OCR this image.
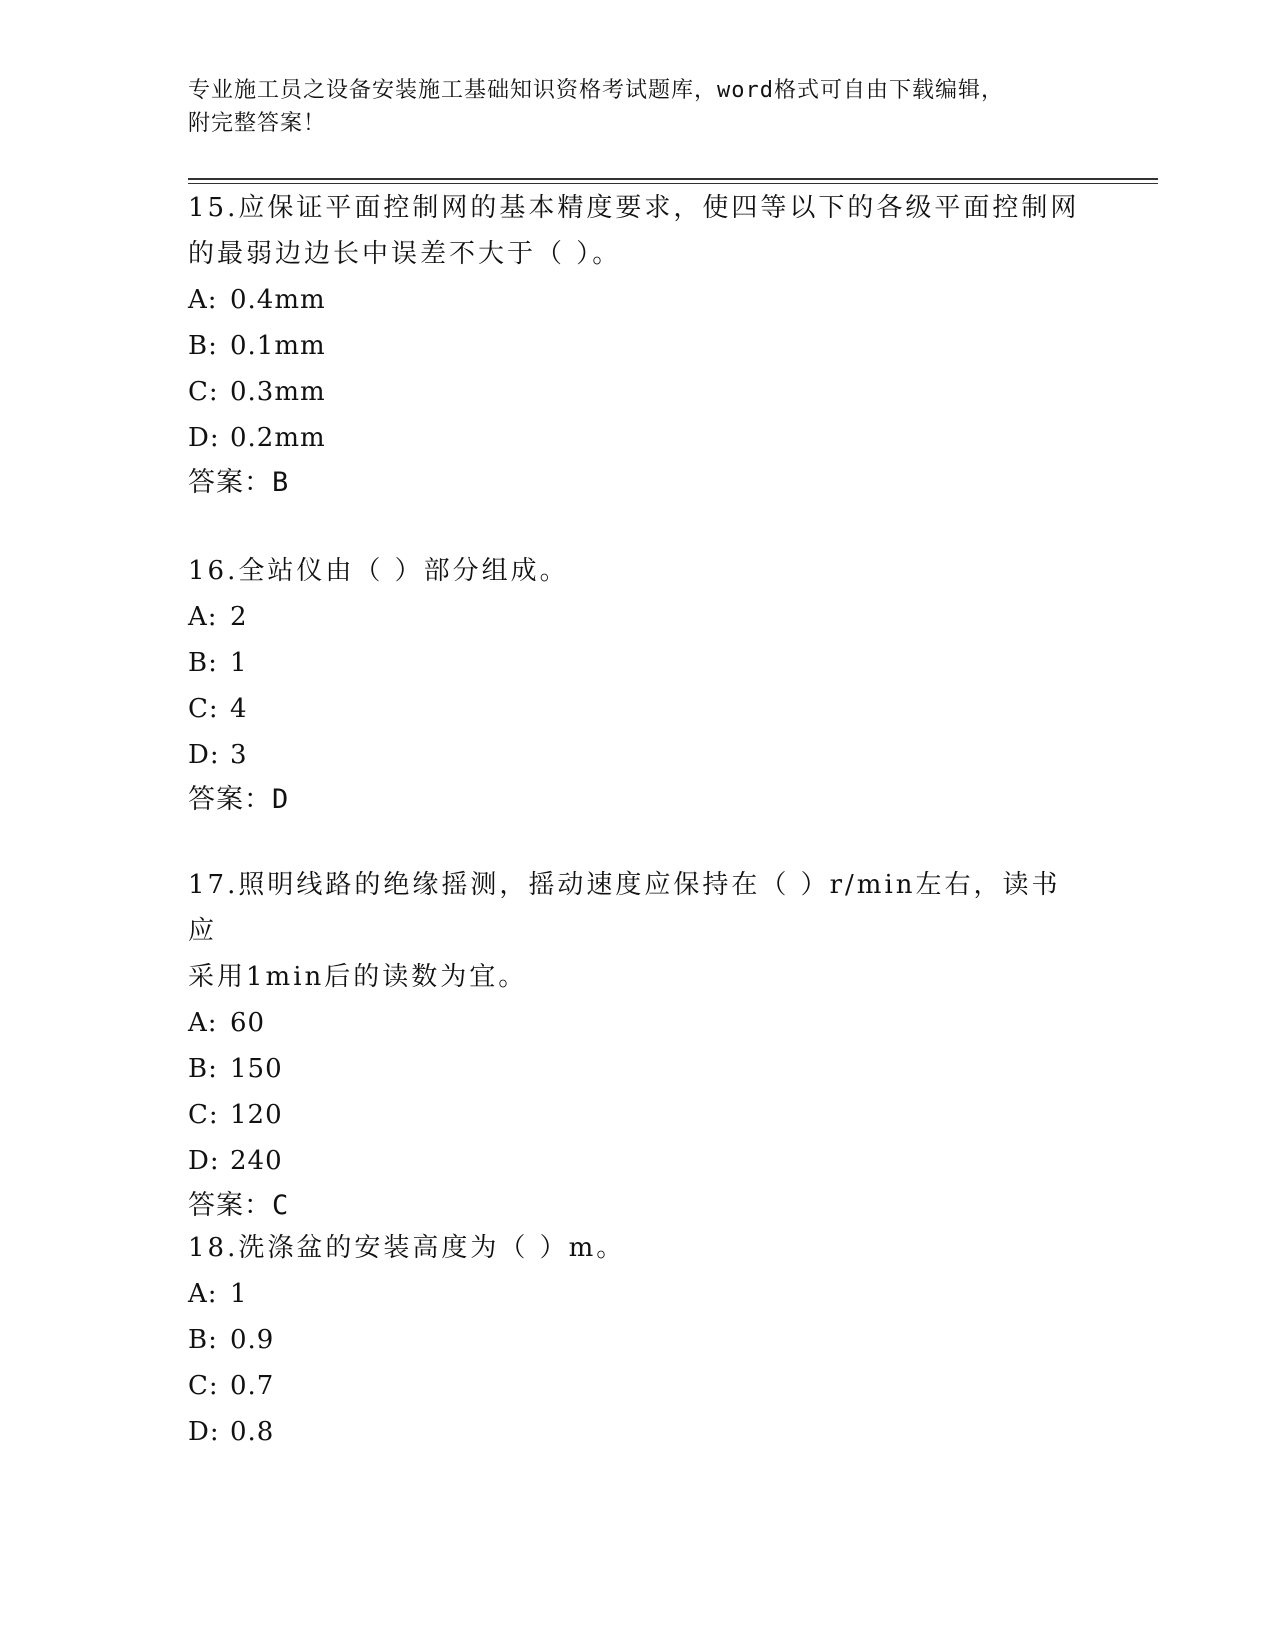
专业施工员之设备安装施工基础知识资格考试题库，word格式可自由下载编辑，
附完整答案！

15.应保证平面控制网的基本精度要求，使四等以下的各级平面控制网

的最弱边边长中误差不大于（ ）。

A: 0.4mm

B: 0.1mm

C: 0.3mm

D: 0.2mm

答案：B

16.全站仪由（ ）部分组成。

A: 2

B: 1

C: 4

D: 3

答案：D

17.照明线路的绝缘摇测，摇动速度应保持在（ ）r/min左右，读书应

采用1min后的读数为宜。

A: 60

B: 150

C: 120

D: 240

答案：C

18.洗涤盆的安装高度为（ ）m。

A: 1

B: 0.9

C: 0.7

D: 0.8
